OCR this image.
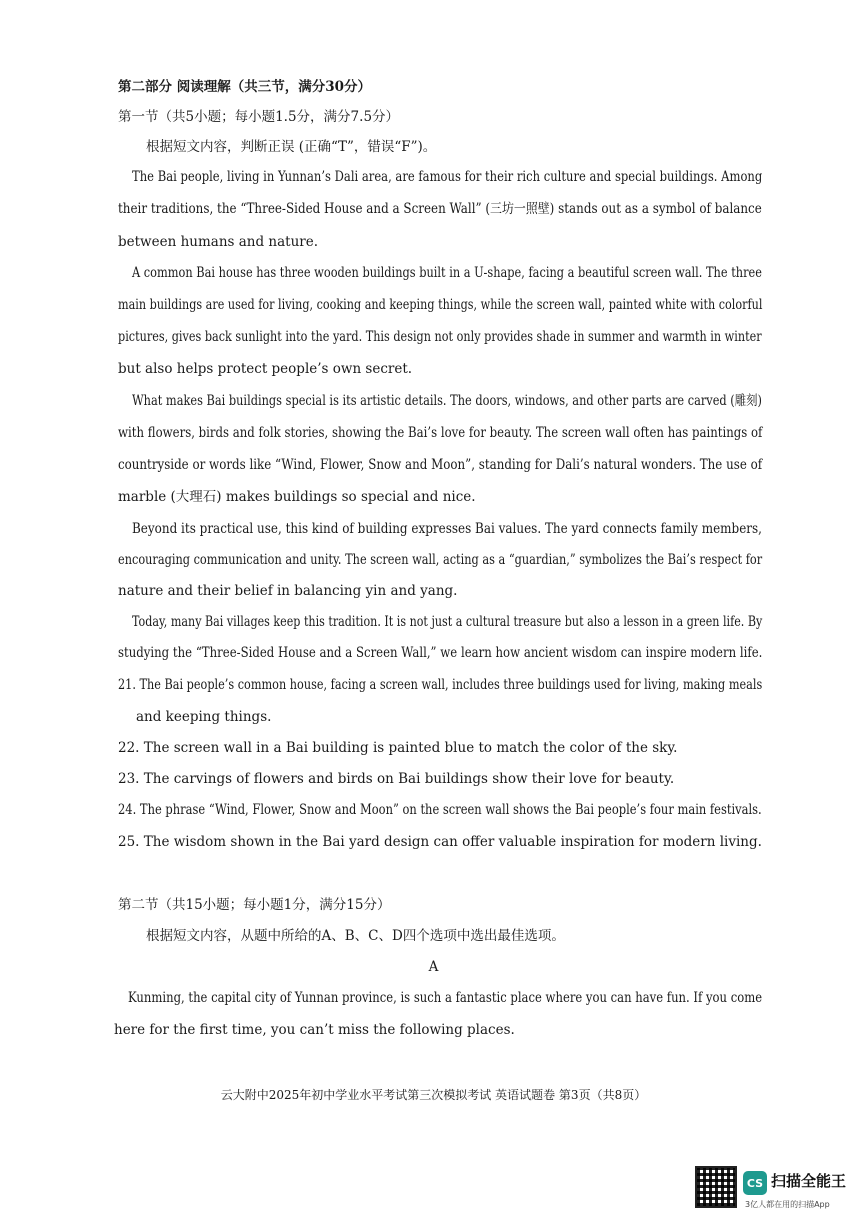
第二部分 阅读理解（共三节，满分30分）
第一节（共5小题；每小题1.5分，满分7.5分）
根据短文内容，判断正误 (正确“T”，错误“F”)。
The Bai people, living in Yunnan’s Dali area, are famous for their rich culture and special buildings. Among
their traditions, the “Three-Sided House and a Screen Wall” (三坊一照壁) stands out as a symbol of balance
between humans and nature.
A common Bai house has three wooden buildings built in a U-shape, facing a beautiful screen wall. The three
main buildings are used for living, cooking and keeping things, while the screen wall, painted white with colorful
pictures, gives back sunlight into the yard. This design not only provides shade in summer and warmth in winter
but also helps protect people’s own secret.
What makes Bai buildings special is its artistic details. The doors, windows, and other parts are carved (雕刻)
with flowers, birds and folk stories, showing the Bai’s love for beauty. The screen wall often has paintings of
countryside or words like “Wind, Flower, Snow and Moon”, standing for Dali’s natural wonders. The use of
marble (大理石) makes buildings so special and nice.
Beyond its practical use, this kind of building expresses Bai values. The yard connects family members,
encouraging communication and unity. The screen wall, acting as a “guardian,” symbolizes the Bai’s respect for
nature and their belief in balancing yin and yang.
Today, many Bai villages keep this tradition. It is not just a cultural treasure but also a lesson in a green life. By
studying the “Three-Sided House and a Screen Wall,” we learn how ancient wisdom can inspire modern life.
21. The Bai people’s common house, facing a screen wall, includes three buildings used for living, making meals
and keeping things.
22. The screen wall in a Bai building is painted blue to match the color of the sky.
23. The carvings of flowers and birds on Bai buildings show their love for beauty.
24. The phrase “Wind, Flower, Snow and Moon” on the screen wall shows the Bai people’s four main festivals.
25. The wisdom shown in the Bai yard design can offer valuable inspiration for modern living.
第二节（共15小题；每小题1分，满分15分）
根据短文内容，从题中所给的A、B、C、D四个选项中选出最佳选项。
A
Kunming, the capital city of Yunnan province, is such a fantastic place where you can have fun. If you come
here for the first time, you can’t miss the following places.
云大附中2025年初中学业水平考试第三次模拟考试 英语试题卷 第3页（共8页）
CS 扫描全能王
3亿人都在用的扫描App
